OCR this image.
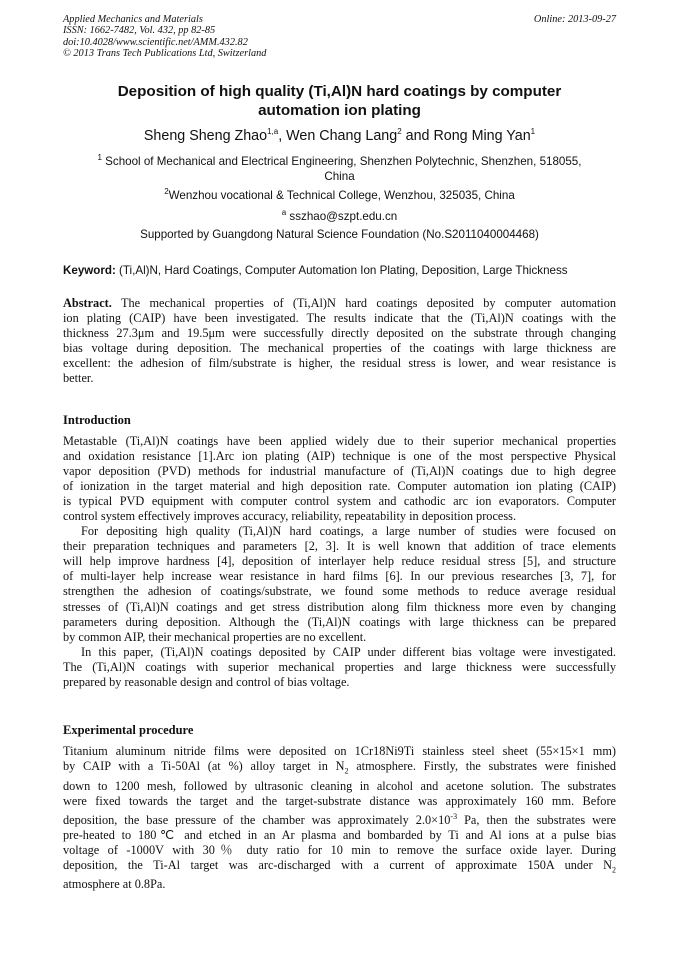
Applied Mechanics and Materials
ISSN: 1662-7482, Vol. 432, pp 82-85
doi:10.4028/www.scientific.net/AMM.432.82
© 2013 Trans Tech Publications Ltd, Switzerland
Online: 2013-09-27
Deposition of high quality (Ti,Al)N hard coatings by computer
automation ion plating
Sheng Sheng Zhao$^{1,a}$, Wen Chang Lang$^2$ and Rong Ming Yan$^1$
$^1$ School of Mechanical and Electrical Engineering, Shenzhen Polytechnic, Shenzhen, 518055,
China
$^2$Wenzhou vocational & Technical College, Wenzhou, 325035, China
$^a$ sszhao@szpt.edu.cn
Supported by Guangdong Natural Science Foundation (No.S2011040004468)
Keyword: (Ti,Al)N, Hard Coatings, Computer Automation Ion Plating, Deposition, Large Thickness
Abstract. The mechanical properties of (Ti,Al)N hard coatings deposited by computer automation
ion plating (CAIP) have been investigated. The results indicate that the (Ti,Al)N coatings with the
thickness 27.3μm and 19.5μm were successfully directly deposited on the substrate through changing
bias voltage during deposition. The mechanical properties of the coatings with large thickness are
excellent: the adhesion of film/substrate is higher, the residual stress is lower, and wear resistance is
better.
Introduction
Metastable (Ti,Al)N coatings have been applied widely due to their superior mechanical properties
and oxidation resistance [1].Arc ion plating (AIP) technique is one of the most perspective Physical
vapor deposition (PVD) methods for industrial manufacture of (Ti,Al)N coatings due to high degree
of ionization in the target material and high deposition rate. Computer automation ion plating (CAIP)
is typical PVD equipment with computer control system and cathodic arc ion evaporators. Computer
control system effectively improves accuracy, reliability, repeatability in deposition process.
For depositing high quality (Ti,Al)N hard coatings, a large number of studies were focused on
their preparation techniques and parameters [2, 3]. It is well known that addition of trace elements
will help improve hardness [4], deposition of interlayer help reduce residual stress [5], and structure
of multi-layer help increase wear resistance in hard films [6]. In our previous researches [3, 7], for
strengthen the adhesion of coatings/substrate, we found some methods to reduce average residual
stresses of (Ti,Al)N coatings and get stress distribution along film thickness more even by changing
parameters during deposition. Although the (Ti,Al)N coatings with large thickness can be prepared
by common AIP, their mechanical properties are no excellent.
In this paper, (Ti,Al)N coatings deposited by CAIP under different bias voltage were investigated.
The (Ti,Al)N coatings with superior mechanical properties and large thickness were successfully
prepared by reasonable design and control of bias voltage.
Experimental procedure
Titanium aluminum nitride films were deposited on 1Cr18Ni9Ti stainless steel sheet (55×15×1 mm)
by CAIP with a Ti-50Al (at %) alloy target in $N_2$ atmosphere. Firstly, the substrates were finished
down to 1200 mesh, followed by ultrasonic cleaning in alcohol and acetone solution. The substrates
were fixed towards the target and the target-substrate distance was approximately 160 mm. Before
deposition, the base pressure of the chamber was approximately $2.0\times 10^{-3}$ Pa, then the substrates were
pre-heated to 180℃ and etched in an Ar plasma and bombarded by Ti and Al ions at a pulse bias
voltage of -1000V with 30％ duty ratio for 10 min to remove the surface oxide layer. During
deposition, the Ti-Al target was arc-discharged with a current of approximate 150A under $N_2$
atmosphere at 0.8Pa.
